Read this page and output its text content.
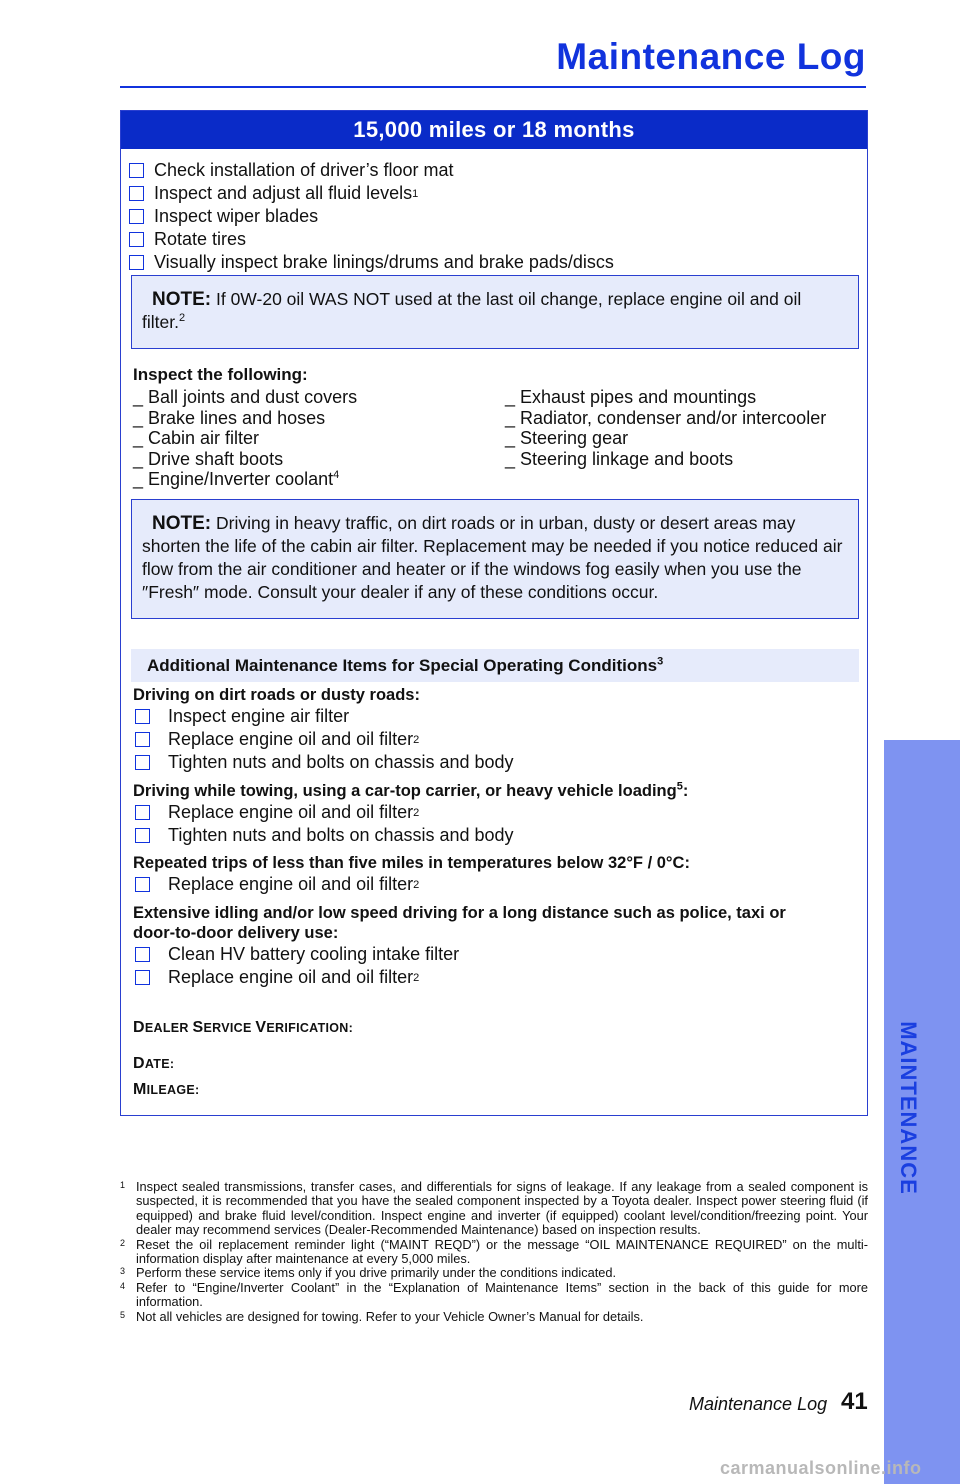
Maintenance Log
15,000 miles or 18 months
Check installation of driver’s floor mat
Inspect and adjust all fluid levels 1
Inspect wiper blades
Rotate tires
Visually inspect brake linings/drums and brake pads/discs
NOTE: If 0W-20 oil WAS NOT used at the last oil change, replace engine oil and oil filter.$^2$
Inspect the following:
_ Ball joints and dust covers
_ Brake lines and hoses
_ Cabin air filter
_ Drive shaft boots
_ Engine/Inverter coolant$^4$
_ Exhaust pipes and mountings
_ Radiator, condenser and/or intercooler
_ Steering gear
_ Steering linkage and boots
NOTE: Driving in heavy traffic, on dirt roads or in urban, dusty or desert areas may shorten the life of the cabin air filter. Replacement may be needed if you notice reduced air flow from the air conditioner and heater or if the windows fog easily when you use the ″Fresh″ mode. Consult your dealer if any of these conditions occur.
Additional Maintenance Items for Special Operating Conditions$^3$
Driving on dirt roads or dusty roads:
Inspect engine air filter
Replace engine oil and oil filter 2
Tighten nuts and bolts on chassis and body
Driving while towing, using a car-top carrier, or heavy vehicle loading$^5$:
Replace engine oil and oil filter 2
Tighten nuts and bolts on chassis and body
Repeated trips of less than five miles in temperatures below 32°F / 0°C:
Replace engine oil and oil filter 2
Extensive idling and/or low speed driving for a long distance such as police, taxi or door-to-door delivery use:
Clean HV battery cooling intake filter
Replace engine oil and oil filter 2
DEALER SERVICE VERIFICATION:
DATE:
MILEAGE:
1 Inspect sealed transmissions, transfer cases, and differentials for signs of leakage. If any leakage from a sealed component is suspected, it is recommended that you have the sealed component inspected by a Toyota dealer. Inspect power steering fluid (if equipped) and brake fluid level/condition. Inspect engine and inverter (if equipped) coolant level/condition/freezing point. Your dealer may recommend services (Dealer-Recommended Maintenance) based on inspection results.
2 Reset the oil replacement reminder light (“MAINT REQD”) or the message “OIL MAINTENANCE REQUIRED” on the multi-information display after maintenance at every 5,000 miles.
3 Perform these service items only if you drive primarily under the conditions indicated.
4 Refer to “Engine/Inverter Coolant” in the “Explanation of Maintenance Items” section in the back of this guide for more information.
5 Not all vehicles are designed for towing. Refer to your Vehicle Owner’s Manual for details.
Maintenance Log 41
MAINTENANCE
carmanualsonline.info
